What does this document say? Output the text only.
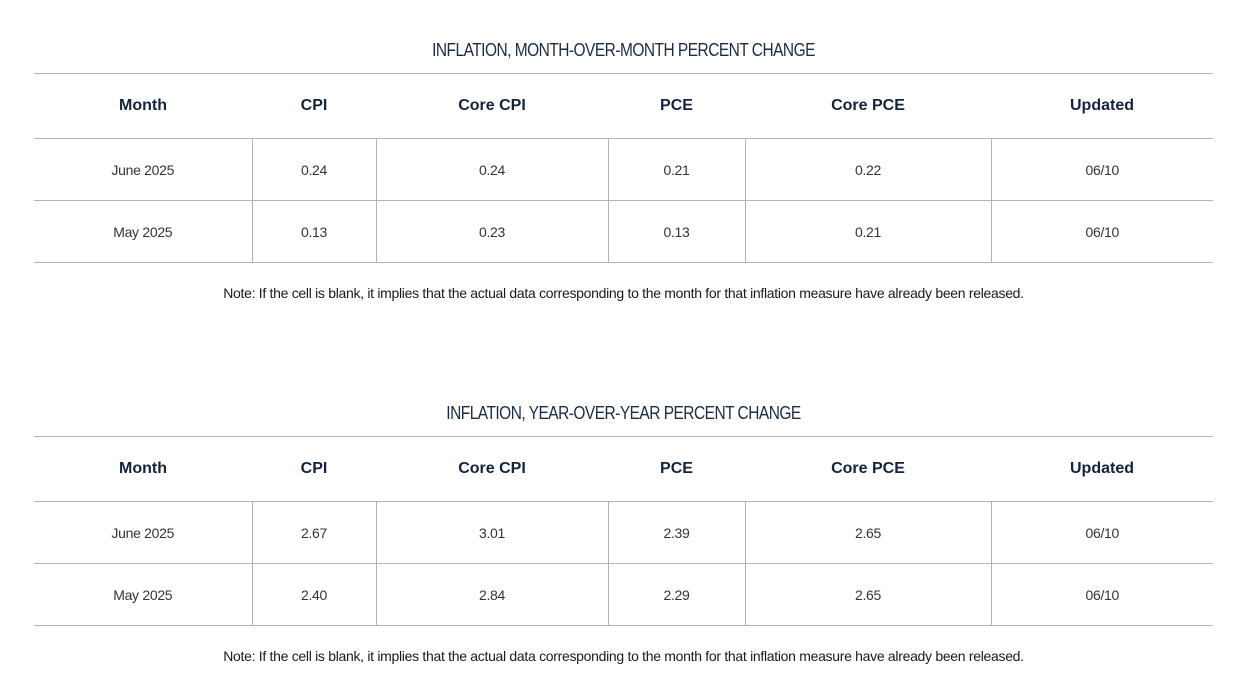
INFLATION, MONTH-OVER-MONTH PERCENT CHANGE
Month	CPI	Core CPI	PCE	Core PCE	Updated
June 2025	0.24	0.24	0.21	0.22	06/10
May 2025	0.13	0.23	0.13	0.21	06/10
Note: If the cell is blank, it implies that the actual data corresponding to the month for that inflation measure have already been released.
INFLATION, YEAR-OVER-YEAR PERCENT CHANGE
Month	CPI	Core CPI	PCE	Core PCE	Updated
June 2025	2.67	3.01	2.39	2.65	06/10
May 2025	2.40	2.84	2.29	2.65	06/10
Note: If the cell is blank, it implies that the actual data corresponding to the month for that inflation measure have already been released.
